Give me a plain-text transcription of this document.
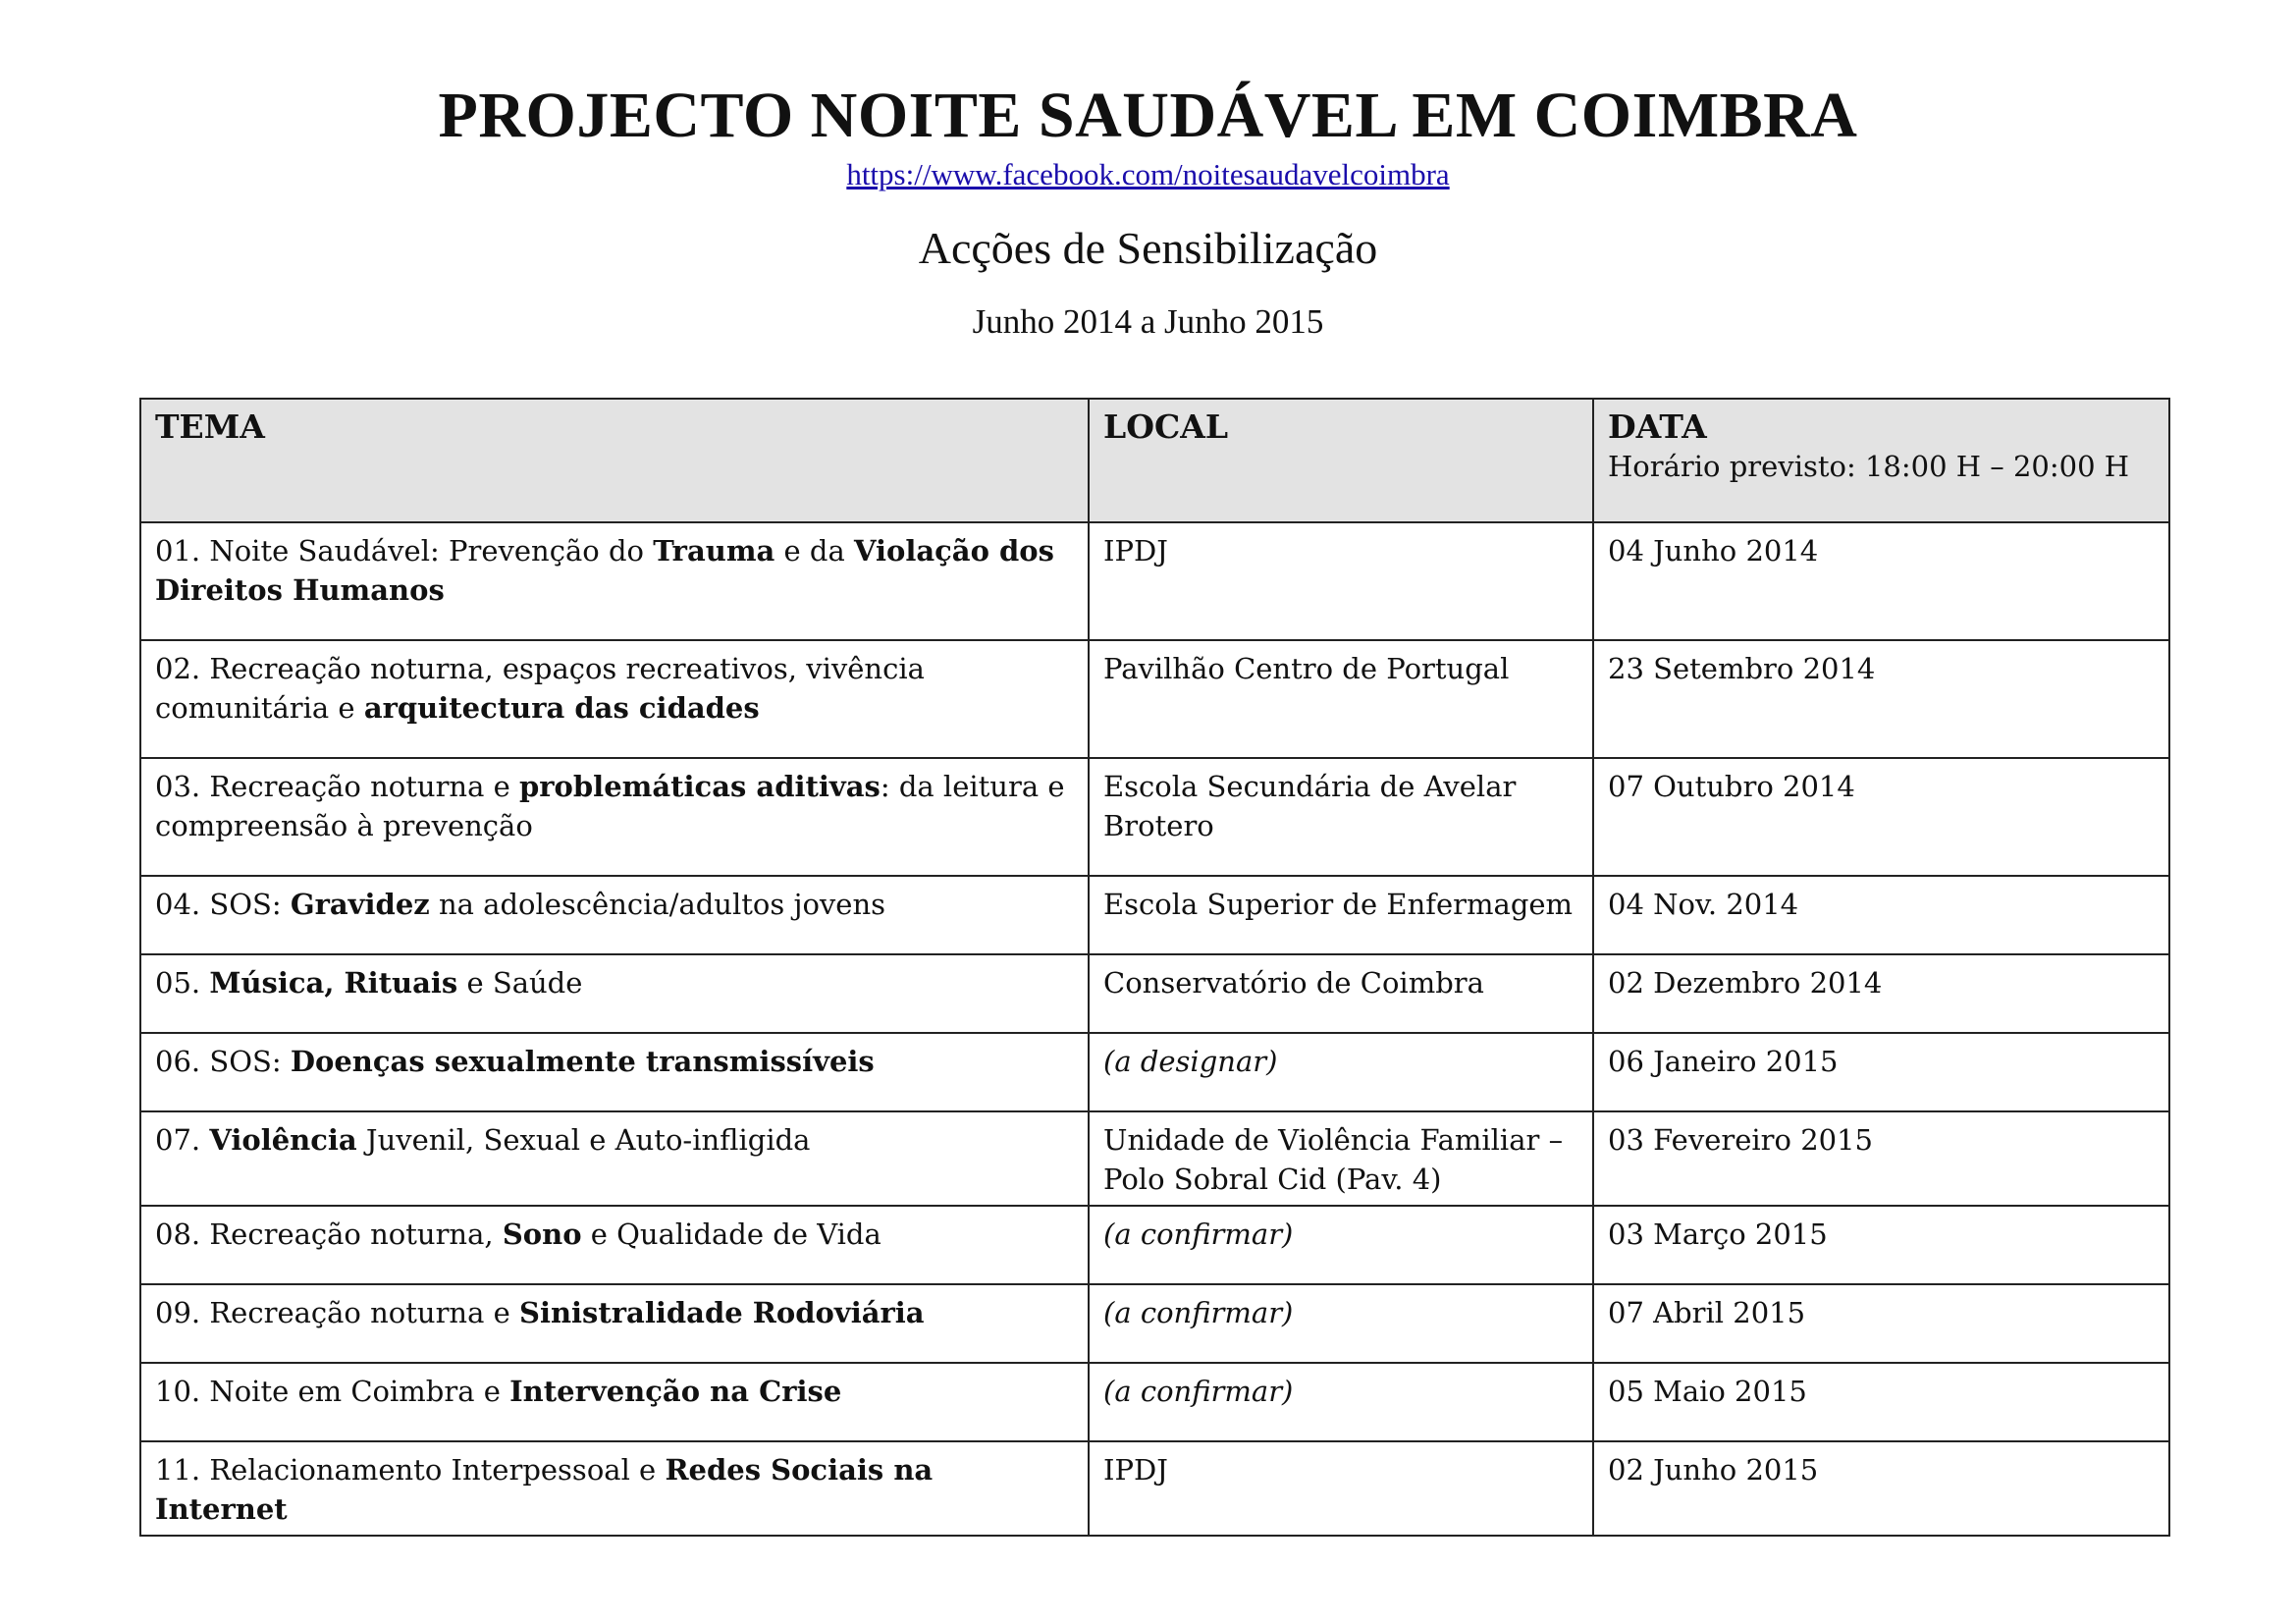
PROJECTO NOITE SAUDÁVEL EM COIMBRA
https://www.facebook.com/noitesaudavelcoimbra
Acções de Sensibilização
Junho 2014 a Junho 2015
TEMA	LOCAL	DATA
Horário previsto: 18:00 H – 20:00 H

01. Noite Saudável: Prevenção do Trauma e da Violação dos Direitos Humanos	IPDJ	04 Junho 2014
02. Recreação noturna, espaços recreativos, vivência comunitária e arquitectura das cidades	Pavilhão Centro de Portugal	23 Setembro 2014
03. Recreação noturna e problemáticas aditivas: da leitura e compreensão à prevenção	Escola Secundária de Avelar Brotero	07 Outubro 2014
04. SOS: Gravidez na adolescência/adultos jovens	Escola Superior de Enfermagem	04 Nov. 2014
05. Música, Rituais e Saúde	Conservatório de Coimbra	02 Dezembro 2014
06. SOS: Doenças sexualmente transmissíveis	(a designar)	06 Janeiro 2015
07. Violência Juvenil, Sexual e Auto-infligida	Unidade de Violência Familiar – Polo Sobral Cid (Pav. 4)	03 Fevereiro 2015
08. Recreação noturna, Sono e Qualidade de Vida	(a confirmar)	03 Março 2015
09. Recreação noturna e Sinistralidade Rodoviária	(a confirmar)	07 Abril 2015
10. Noite em Coimbra e Intervenção na Crise	(a confirmar)	05 Maio 2015
11. Relacionamento Interpessoal e Redes Sociais na Internet	IPDJ	02 Junho 2015
